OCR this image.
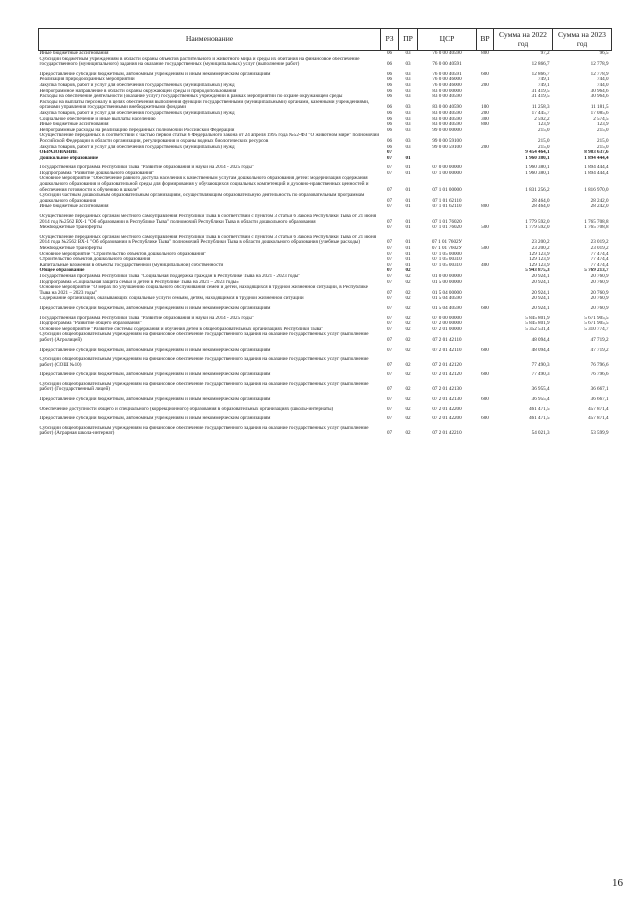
Наименование	РЗ	ПР	ЦСР	ВР	Сумма на 2022 год	Сумма на 2023 год
Иные бюджетные ассигнования	06	03	76 0 00 40590	800	97,2	96,5
Субсидии бюджетным учреждениям в области охраны объектов растительного и животного мира и среды их обитания на финансовое обеспечение государственного (муниципального) задания на оказание государственных (муниципальных) услуг (выполнение работ)	06	03	76 0 00 40591		12 866,7	12 778,9

Предоставление субсидий бюджетным, автономным учреждениям и иным некоммерческим организациям	06	03	76 0 00 40591	600	12 866,7	12 778,9
Реализация природоохранных мероприятий	06	03	76 0 00 46000		749,1	744,0
Закупка товаров, работ и услуг для обеспечения государственных (муниципальных) нужд	06	03	76 0 00 46000	200	749,1	744,0
Непрограммное направление в области охраны окружающей среды и природопользования	06	03	83 0 00 00000		31 419,5	30 964,6
Расходы на обеспечение деятельности (оказание услуг) государственных учреждений в рамках мероприятий по охране окружающей среды	06	03	83 0 00 40590		31 419,5	30 964,6
Расходы на выплаты персоналу в целях обеспечения выполнения функций государственными (муниципальными) органами, казенными учреждениями, органами управления государственными внебюджетными фондами	06	03	83 0 00 40590	100	11 258,3	11 181,5
Закупка товаров, работ и услуг для обеспечения государственных (муниципальных) нужд	06	03	83 0 00 40590	200	17 445,7	17 085,6
Социальное обеспечение и иные выплаты населению	06	03	83 0 00 40590	300	2 592,2	2 574,5
Иные бюджетные ассигнования	06	03	83 0 00 40590	800	123,9	123,9
Непрограммные расходы на реализацию переданных полномочий Российской Федерации	06	03	99 0 00 00000		215,0	215,0
Осуществление переданных в соответствии с частью первой статьи 6 Федерального закона от 24 апреля 1995 года №52-ФЗ "О животном мире" полномочий Российской Федерации в области организации, регулирования и охраны водных биологических ресурсов	06	03	99 0 00 59100		215,0	215,0
Закупка товаров, работ и услуг для обеспечения государственных (муниципальных) нужд	06	03	99 0 00 59100	200	215,0	215,0
ОБРАЗОВАНИЕ	07				9 454 464,1	8 983 637,6
Дошкольное образование	07	01			1 960 380,1	1 894 444,4

Государственная программа Республики Тыва "Развитие образования и науки на 2014 - 2025 годы"	07	01	07 0 00 00000		1 960 380,1	1 894 444,4
Подпрограмма "Развитие дошкольного образования"	07	01	07 1 00 00000		1 960 380,1	1 894 444,4
Основное мероприятие "Обеспечение равного доступа населения к качественным услугам дошкольного образования детей: модернизация содержания дошкольного образования и образовательной среды для формирования у обучающихся социальных компетенций и духовно-нравственных ценностей и обеспечения готовности к обучению в школе"	07	01	07 1 01 00000		1 831 256,2	1 816 970,0
Субсидии частным дошкольным образовательным организациям, осуществляющим образовательную деятельность по образовательным программам дошкольного образования	07	01	07 1 01 62110		28 464,0	28 242,0
Иные бюджетные ассигнования	07	01	07 1 01 62110	800	28 464,0	28 242,0

Осуществление переданных органам местного самоуправления Республики Тыва в соответствии с пунктом 3 статьи 6 Закона Республики Тыва от 21 июня 2014 год №2562 ВХ-1 "Об образовании в Республике Тыва" полномочий Республики Тыва в области дошкольного образования	07	01	07 1 01 76020		1 779 592,0	1 765 708,8
Межбюджетные трансферты	07	01	07 1 01 76020	500	1 779 592,0	1 765 708,8

Осуществление переданных органам местного самоуправления Республики Тыва в соответствии с пунктом 3 статьи 6 Закона Республики Тыва от 21 июня 2014 года №2562 ВХ-1 "Об образовании в Республике Тыва" полномочий Республики Тыва в области дошкольного образования (учебные расходы)	07	01	07 1 01 7602У		23 200,2	23 019,2
Межбюджетные трансферты	07	01	07 1 01 7602У	500	23 200,2	23 019,2
Основное мероприятие "Строительство объектов дошкольного образования"	07	01	07 1 05 00000		129 123,9	77 474,4
Строительство объектов дошкольного образования	07	01	07 1 05 00310		129 123,9	77 474,4
Капитальные вложения в объекты государственной (муниципальной) собственности	07	01	07 1 05 00310	400	129 123,9	77 474,4
Общее образование	07	02			5 943 875,3	5 769 213,7
Государственная программа Республики Тыва "Социальная поддержка граждан в Республике Тыва на 2021 - 2023 годы"	07	02	01 0 00 00000		20 924,1	20 760,9
Подпрограмма «Социальная защита семьи и детей в Республике Тыва на 2021 – 2023 годы»	07	02	01 5 00 00000		20 924,1	20 760,9
Основное мероприятие "О мерах по улучшению социального обслуживания семей и детей, находящихся в трудной жизненной ситуации, в Республике Тыва на 2021 – 2023 годы"	07	02	01 5 04 00000		20 924,1	20 760,9
Содержание организаций, оказывающих социальные услуги семьям, детям, находящимся в трудной жизненной ситуации	07	02	01 5 04 40590		20 924,1	20 760,9

Предоставление субсидий бюджетным, автономным учреждениям и иным некоммерческим организациям	07	02	01 5 04 40590	600	20 924,1	20 760,9

Государственная программа Республики Тыва "Развитие образования и науки на 2014 - 2025 годы"	07	02	07 0 00 00000		5 845 801,9	5 671 905,5
Подпрограмма "Развитие общего образования"	07	02	07 2 00 00000		5 845 801,9	5 671 905,5
Основное мероприятие "Развитие системы содержания и обучения детей в общеобразовательных организациях Республики Тыва"	07	02	07 2 01 00000		5 352 531,4	5 310 774,7
Субсидии общеобразовательным учреждениям на финансовое обеспечение государственного задания на оказание государственных услуг (выполнение работ) (Агролицей)	07	02	07 2 01 42110		48 094,4	47 719,2

Предоставление субсидий бюджетным, автономным учреждениям и иным некоммерческим организациям	07	02	07 2 01 42110	600	48 094,4	47 719,2

Субсидии общеобразовательным учреждениям на финансовое обеспечение государственного задания на оказание государственных услуг (выполнение работ) (СОШ №10)	07	02	07 2 01 42120		77 490,3	76 796,6

Предоставление субсидий бюджетным, автономным учреждениям и иным некоммерческим организациям	07	02	07 2 01 42120	600	77 490,3	76 796,6

Субсидии общеобразовательным учреждениям на финансовое обеспечение государственного задания на оказание государственных услуг (выполнение работ) (Государственный лицей)	07	02	07 2 01 42130		36 955,4	36 667,1

Предоставление субсидий бюджетным, автономным учреждениям и иным некоммерческим организациям	07	02	07 2 01 42130	600	36 955,4	36 667,1

Обеспечение доступности общего и специального (коррекционного) образования в образовательных организациях (школы-интернаты)	07	02	07 2 01 42200		461 471,5	457 871,4

Предоставление субсидий бюджетным, автономным учреждениям и иным некоммерческим организациям	07	02	07 2 01 42200	600	461 471,5	457 871,4

Субсидии общеобразовательным учреждениям на финансовое обеспечение государственного задания на оказание государственных услуг (выполнение работ) (Аграрная школа-интернат)	07	02	07 2 01 42210		54 021,3	53 599,9
16
